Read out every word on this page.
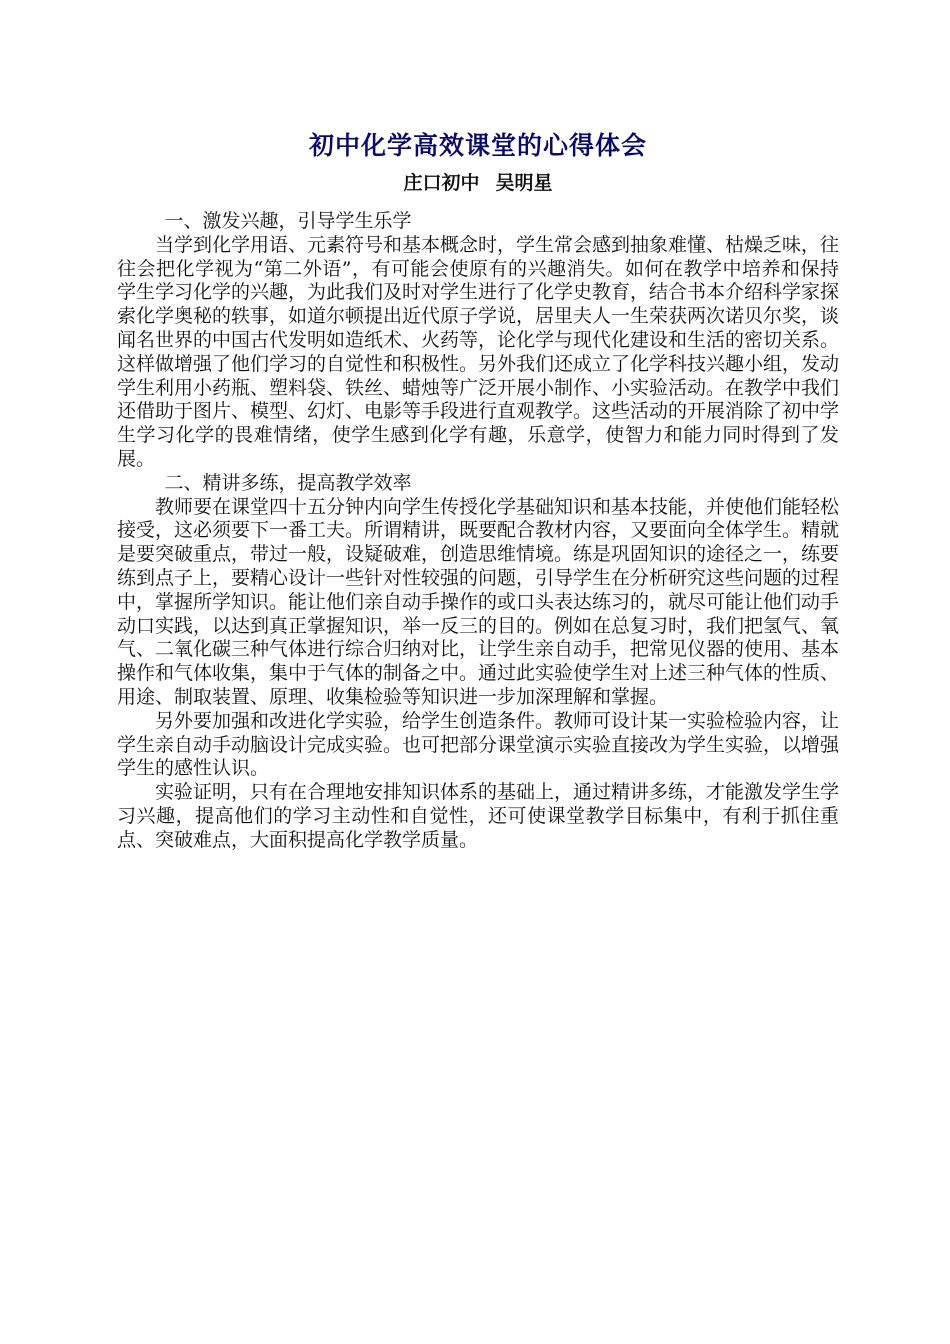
初中化学高效课堂的心得体会
庄口初中 吴明星

一、激发兴趣，引导学生乐学

当学到化学用语、元素符号和基本概念时，学生常会感到抽象难懂、枯燥乏味，往往会把化学视为“第二外语”，有可能会使原有的兴趣消失。如何在教学中培养和保持学生学习化学的兴趣，为此我们及时对学生进行了化学史教育，结合书本介绍科学家探索化学奥秘的轶事，如道尔顿提出近代原子学说，居里夫人一生荣获两次诺贝尔奖，谈闻名世界的中国古代发明如造纸术、火药等，论化学与现代化建设和生活的密切关系。这样做增强了他们学习的自觉性和积极性。另外我们还成立了化学科技兴趣小组，发动学生利用小药瓶、塑料袋、铁丝、蜡烛等广泛开展小制作、小实验活动。在教学中我们还借助于图片、模型、幻灯、电影等手段进行直观教学。这些活动的开展消除了初中学生学习化学的畏难情绪，使学生感到化学有趣，乐意学，使智力和能力同时得到了发展。

二、精讲多练，提高教学效率

教师要在课堂四十五分钟内向学生传授化学基础知识和基本技能，并使他们能轻松接受，这必须要下一番工夫。所谓精讲，既要配合教材内容，又要面向全体学生。精就是要突破重点，带过一般，设疑破难，创造思维情境。练是巩固知识的途径之一，练要练到点子上，要精心设计一些针对性较强的问题，引导学生在分析研究这些问题的过程中，掌握所学知识。能让他们亲自动手操作的或口头表达练习的，就尽可能让他们动手动口实践，以达到真正掌握知识，举一反三的目的。例如在总复习时，我们把氢气、氧气、二氧化碳三种气体进行综合归纳对比，让学生亲自动手，把常见仪器的使用、基本操作和气体收集，集中于气体的制备之中。通过此实验使学生对上述三种气体的性质、用途、制取装置、原理、收集检验等知识进一步加深理解和掌握。

另外要加强和改进化学实验，给学生创造条件。教师可设计某一实验检验内容，让学生亲自动手动脑设计完成实验。也可把部分课堂演示实验直接改为学生实验，以增强学生的感性认识。

实验证明，只有在合理地安排知识体系的基础上，通过精讲多练，才能激发学生学习兴趣，提高他们的学习主动性和自觉性，还可使课堂教学目标集中，有利于抓住重点、突破难点，大面积提高化学教学质量。
